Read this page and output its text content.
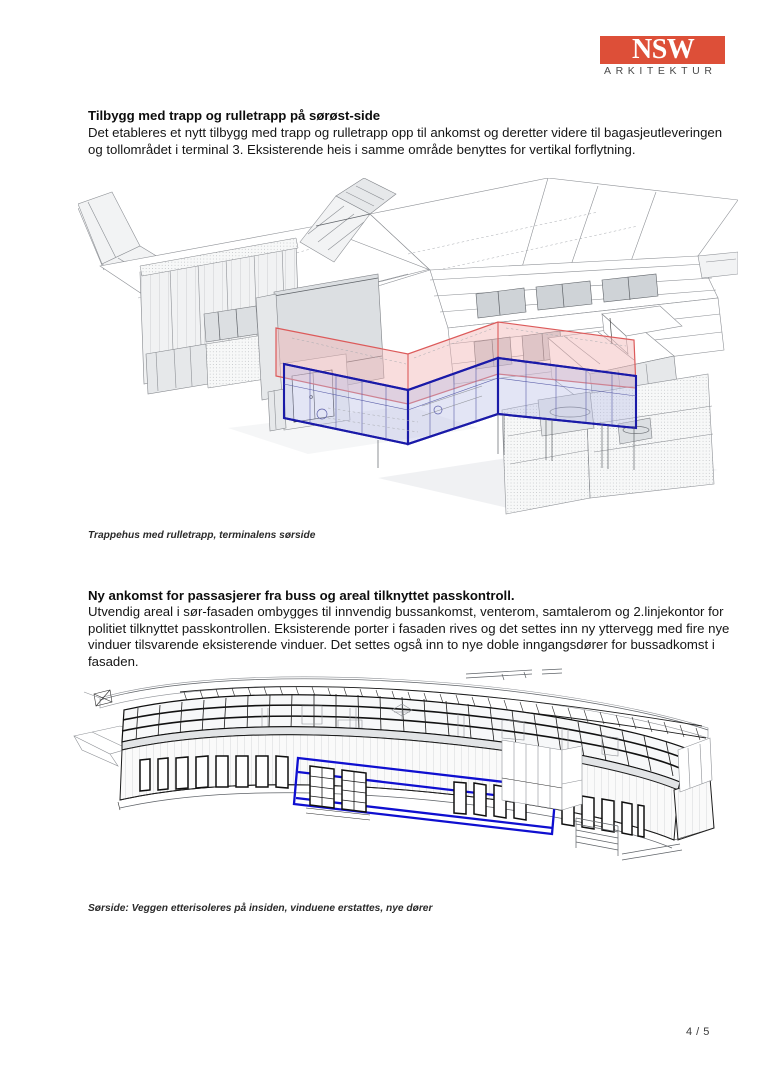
NSW
ARKITEKTUR
Tilbygg med trapp og rulletrapp på sørøst-side
Det etableres et nytt tilbygg med trapp og rulletrapp opp til ankomst og deretter videre til bagasjeutleveringen og tollområdet i terminal 3. Eksisterende heis i samme område benyttes for vertikal forflytning.
Trappehus med rulletrapp, terminalens sørside
Ny ankomst for passasjerer fra buss og areal tilknyttet passkontroll.
Utvendig areal i sør-fasaden ombygges til innvendig bussankomst, venterom, samtalerom og 2.linjekontor for politiet tilknyttet passkontrollen. Eksisterende porter i fasaden rives og det settes inn ny yttervegg med fire nye vinduer tilsvarende eksisterende vinduer. Det settes også inn to nye doble inngangsdører for bussadkomst i fasaden.
Sørside: Veggen etterisoleres på insiden, vinduene erstattes, nye dører
4 / 5
